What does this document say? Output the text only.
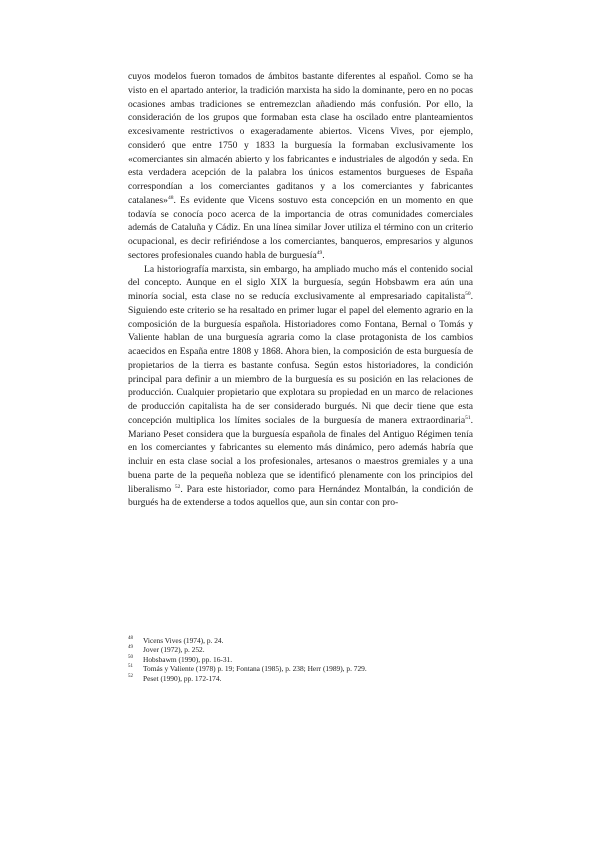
cuyos modelos fueron tomados de ámbitos bastante diferentes al español. Como se ha visto en el apartado anterior, la tradición marxista ha sido la dominante, pero en no pocas ocasiones ambas tradiciones se entremezclan añadiendo más confusión. Por ello, la consideración de los grupos que formaban esta clase ha oscilado entre planteamientos excesivamente restrictivos o exageradamente abiertos. Vicens Vives, por ejemplo, consideró que entre 1750 y 1833 la burguesía la formaban exclusivamente los «comerciantes sin almacén abierto y los fabricantes e industriales de algodón y seda. En esta verdadera acepción de la palabra los únicos estamentos burgueses de España correspondían a los comerciantes gaditanos y a los comerciantes y fabricantes catalanes»$^{48}$. Es evidente que Vicens sostuvo esta concepción en un momento en que todavía se conocía poco acerca de la importancia de otras comunidades comerciales además de Cataluña y Cádiz. En una línea similar Jover utiliza el término con un criterio ocupacional, es decir refiriéndose a los comerciantes, banqueros, empresarios y algunos sectores profesionales cuando habla de burguesía$^{49}$.

La historiografía marxista, sin embargo, ha ampliado mucho más el contenido social del concepto. Aunque en el siglo XIX la burguesía, según Hobsbawm era aún una minoría social, esta clase no se reducía exclusivamente al empresariado capitalista$^{50}$. Siguiendo este criterio se ha resaltado en primer lugar el papel del elemento agrario en la composición de la burguesía española. Historiadores como Fontana, Bernal o Tomás y Valiente hablan de una burguesía agraria como la clase protagonista de los cambios acaecidos en España entre 1808 y 1868. Ahora bien, la composición de esta burguesía de propietarios de la tierra es bastante confusa. Según estos historiadores, la condición principal para definir a un miembro de la burguesía es su posición en las relaciones de producción. Cualquier propietario que explotara su propiedad en un marco de relaciones de producción capitalista ha de ser considerado burgués. Ni que decir tiene que esta concepción multiplica los límites sociales de la burguesía de manera extraordinaria$^{51}$. Mariano Peset considera que la burguesía española de finales del Antiguo Régimen tenía en los comerciantes y fabricantes su elemento más dinámico, pero además habría que incluir en esta clase social a los profesionales, artesanos o maestros gremiales y a una buena parte de la pequeña nobleza que se identificó plenamente con los principios del liberalismo $^{52}$. Para este historiador, como para Hernández Montalbán, la condición de burgués ha de extenderse a todos aquellos que, aun sin contar con pro-

48	Vicens Vives (1974), p. 24.
49	Jover (1972), p. 252.
50	Hobsbawm (1990), pp. 16-31.
51	Tomás y Valiente (1978) p. 19; Fontana (1985), p. 238; Herr (1989), p. 729.
52	Peset (1990), pp. 172-174.
